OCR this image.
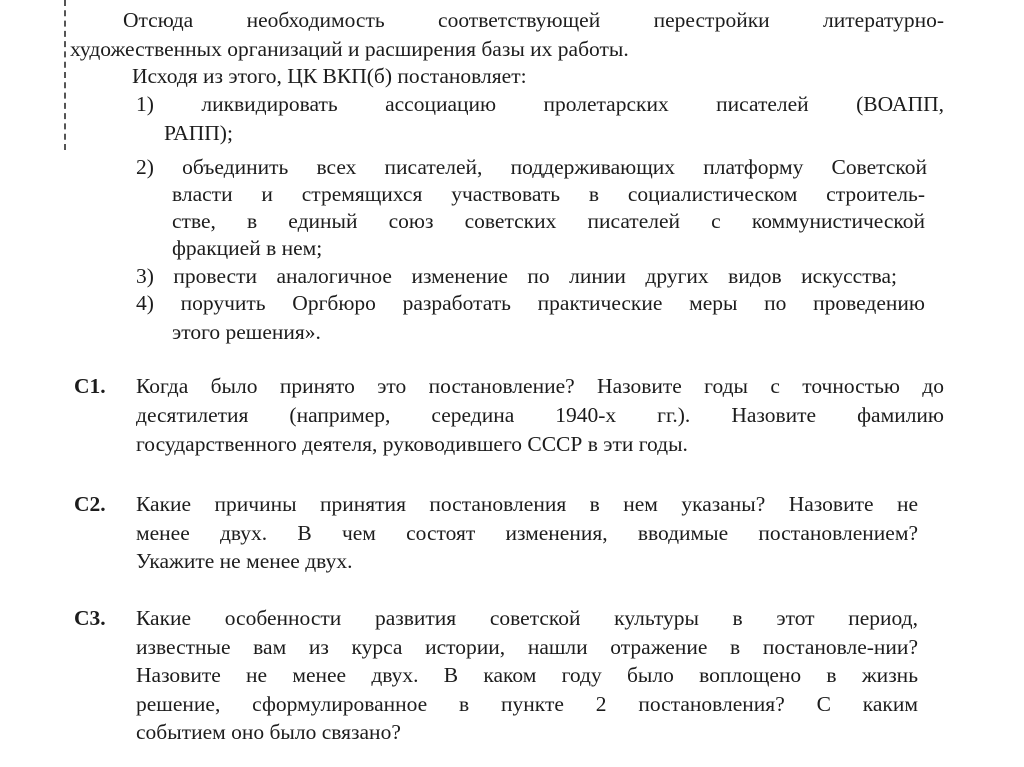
Отсюда необходимость соответствующей перестройки литературно-

художественных организаций и расширения базы их работы.

Исходя из этого, ЦК ВКП(б) постановляет:

1) ликвидировать ассоциацию пролетарских писателей (ВОАПП,

РАПП);

2) объединить всех писателей, поддерживающих платформу Советской

власти и стремящихся участвовать в социалистическом строитель-

стве, в единый союз советских писателей с коммунистической

фракцией в нем;

3) провести аналогичное изменение по линии других видов искусства;

4) поручить Оргбюро разработать практические меры по проведению

этого решения».

С1. Когда было принято это постановление? Назовите годы с точностью до

десятилетия (например, середина 1940-х гг.). Назовите фамилию

государственного деятеля, руководившего СССР в эти годы.

С2. Какие причины принятия постановления в нем указаны? Назовите не

менее двух. В чем состоят изменения, вводимые постановлением?

Укажите не менее двух.

С3. Какие особенности развития советской культуры в этот период,

известные вам из курса истории, нашли отражение в постановле-нии?

Назовите не менее двух. В каком году было воплощено в жизнь

решение, сформулированное в пункте 2 постановления? С каким

событием оно было связано?
